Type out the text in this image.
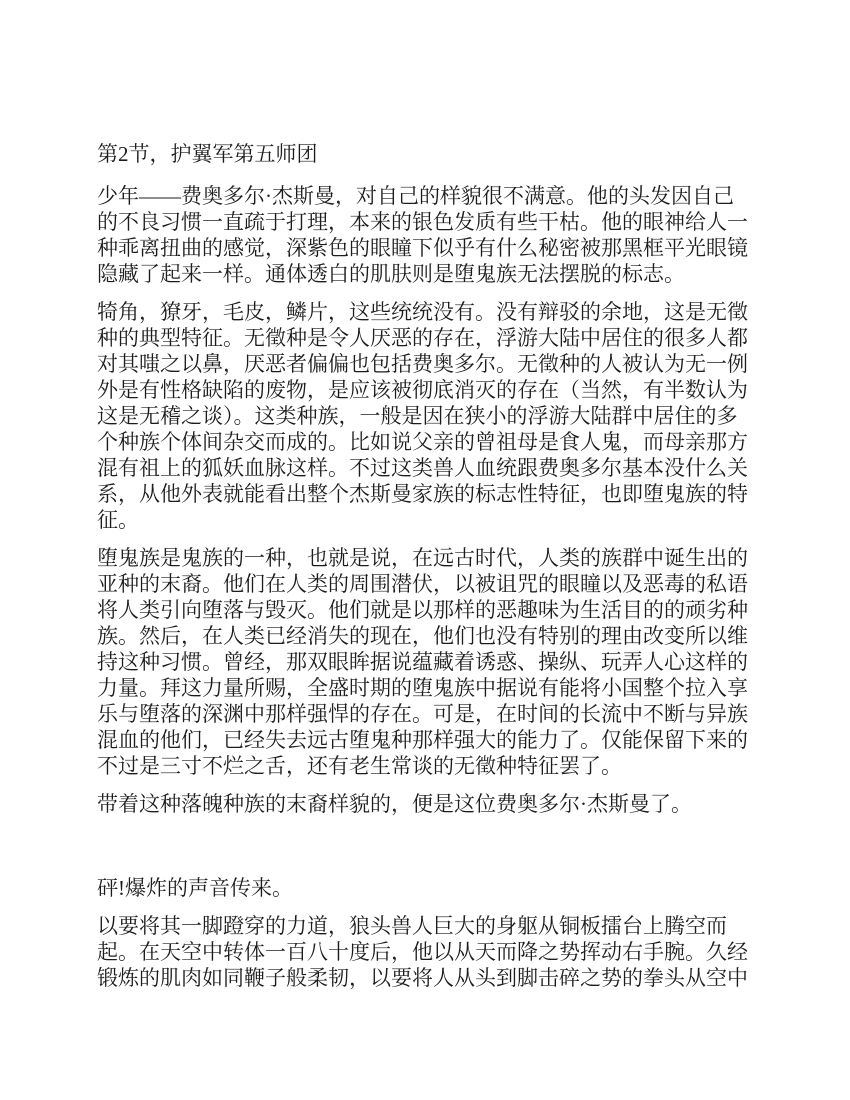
第2节，护翼军第五师团
少年——费奥多尔·杰斯曼，对自己的样貌很不满意。他的头发因自己
的不良习惯一直疏于打理，本来的银色发质有些干枯。他的眼神给人一
种乖离扭曲的感觉，深紫色的眼瞳下似乎有什么秘密被那黑框平光眼镜
隐藏了起来一样。通体透白的肌肤则是堕鬼族无法摆脱的标志。
犄角，獠牙，毛皮，鳞片，这些统统没有。没有辩驳的余地，这是无徵
种的典型特征。无徵种是令人厌恶的存在，浮游大陆中居住的很多人都
对其嗤之以鼻，厌恶者偏偏也包括费奥多尔。无徵种的人被认为无一例
外是有性格缺陷的废物，是应该被彻底消灭的存在（当然，有半数认为
这是无稽之谈）。这类种族，一般是因在狭小的浮游大陆群中居住的多
个种族个体间杂交而成的。比如说父亲的曾祖母是食人鬼，而母亲那方
混有祖上的狐妖血脉这样。不过这类兽人血统跟费奥多尔基本没什么关
系，从他外表就能看出整个杰斯曼家族的标志性特征，也即堕鬼族的特
征。
堕鬼族是鬼族的一种，也就是说，在远古时代，人类的族群中诞生出的
亚种的末裔。他们在人类的周围潜伏，以被诅咒的眼瞳以及恶毒的私语
将人类引向堕落与毁灭。他们就是以那样的恶趣味为生活目的的顽劣种
族。然后，在人类已经消失的现在，他们也没有特别的理由改变所以维
持这种习惯。曾经，那双眼眸据说蕴藏着诱惑、操纵、玩弄人心这样的
力量。拜这力量所赐，全盛时期的堕鬼族中据说有能将小国整个拉入享
乐与堕落的深渊中那样强悍的存在。可是，在时间的长流中不断与异族
混血的他们，已经失去远古堕鬼种那样强大的能力了。仅能保留下来的
不过是三寸不烂之舌，还有老生常谈的无徵种特征罢了。
带着这种落魄种族的末裔样貌的，便是这位费奥多尔·杰斯曼了。
砰!爆炸的声音传来。
以要将其一脚蹬穿的力道，狼头兽人巨大的身躯从铜板擂台上腾空而
起。在天空中转体一百八十度后，他以从天而降之势挥动右手腕。久经
锻炼的肌肉如同鞭子般柔韧，以要将人从头到脚击碎之势的拳头从空中
